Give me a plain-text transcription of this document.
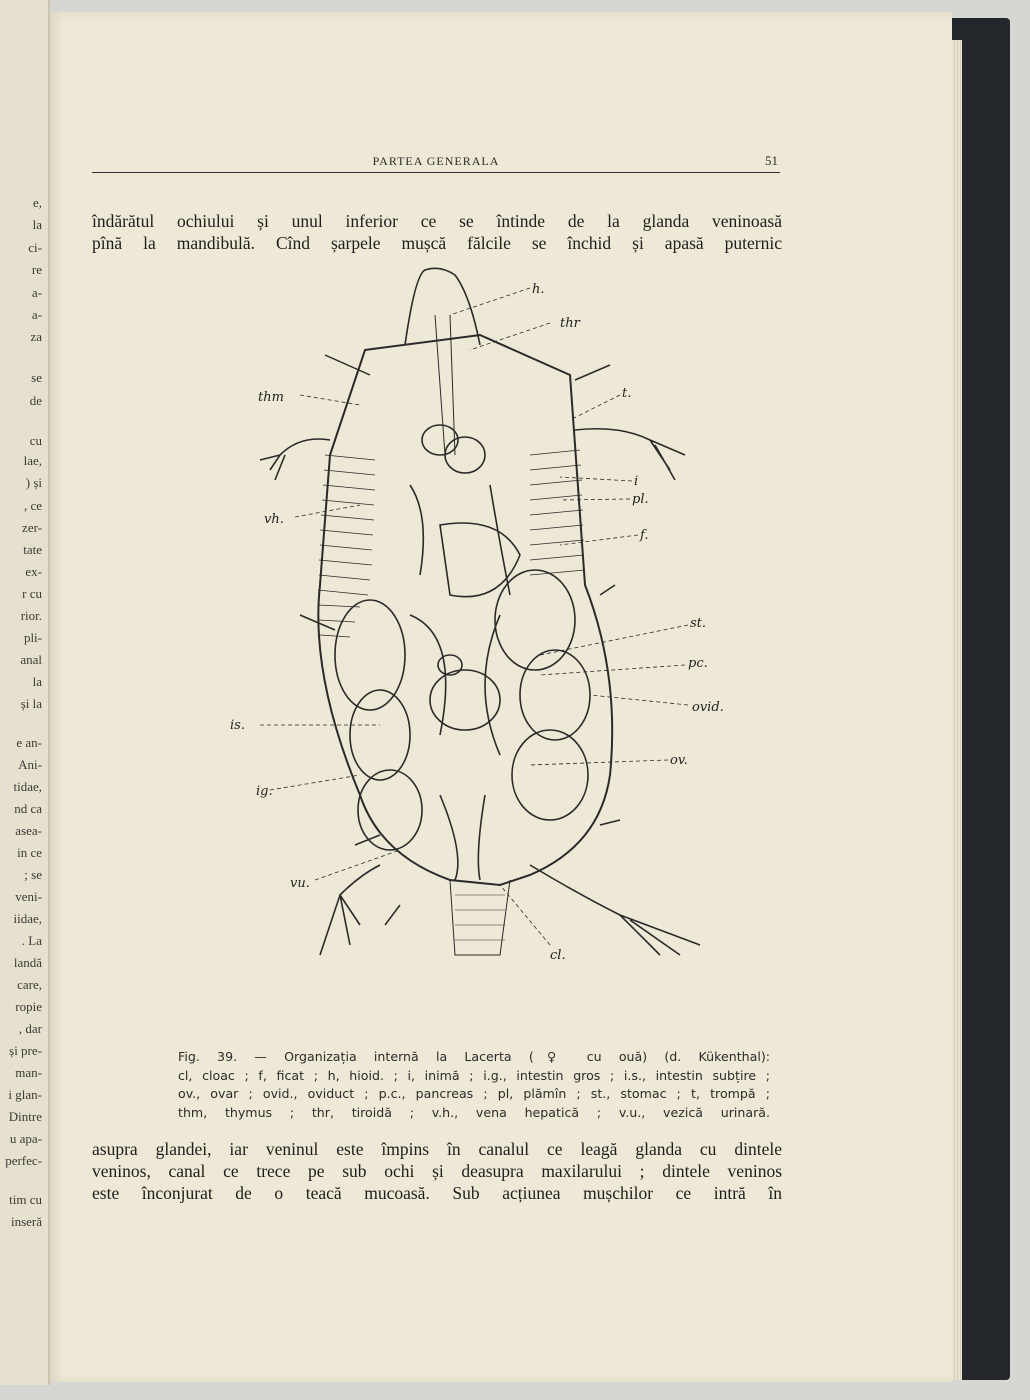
e,
la
ci-
re
a-
a-
za
se
de
cu
lae,
) și
, ce
zer-
tate
ex-
r cu
rior.
pli-
anal
la
și la
e an-
Ani-
tidae,
nd ca
asea-
in ce
; se
veni-
iidae,
. La
landă
care,
ropie
, dar
și pre-
man-
i glan-
Dintre
u apa-
perfec-
tim cu
inseră
PARTEA GENERALA	51
îndărătul ochiului și unul inferior ce se întinde de la glanda veninoasă
pînă la mandibulă. Cînd șarpele mușcă fălcile se închid și apasă puternic
h.
thr
thm	t.
i
pl.
f.
vh.
st.
pc.
ovid.
ov.
is.
ig.
vu.
cl.
Fig. 39. — Organizația internă la Lacerta (♀ cu ouă) (d. Kükenthal):
cl, cloac ; f, ficat ; h, hioid. ; i, inimă ; i.g., intestin gros ; i.s., intestin subțire ;
ov., ovar ; ovid., oviduct ; p.c., pancreas ; pl, plămîn ; st., stomac ; t, trompă ;
thm, thymus ; thr, tiroidă ; v.h., vena hepatică ; v.u., vezică urinară.
asupra glandei, iar veninul este împins în canalul ce leagă glanda cu dintele
veninos, canal ce trece pe sub ochi și deasupra maxilarului ; dintele veninos
este înconjurat de o teacă mucoasă. Sub acțiunea mușchilor ce intră în
